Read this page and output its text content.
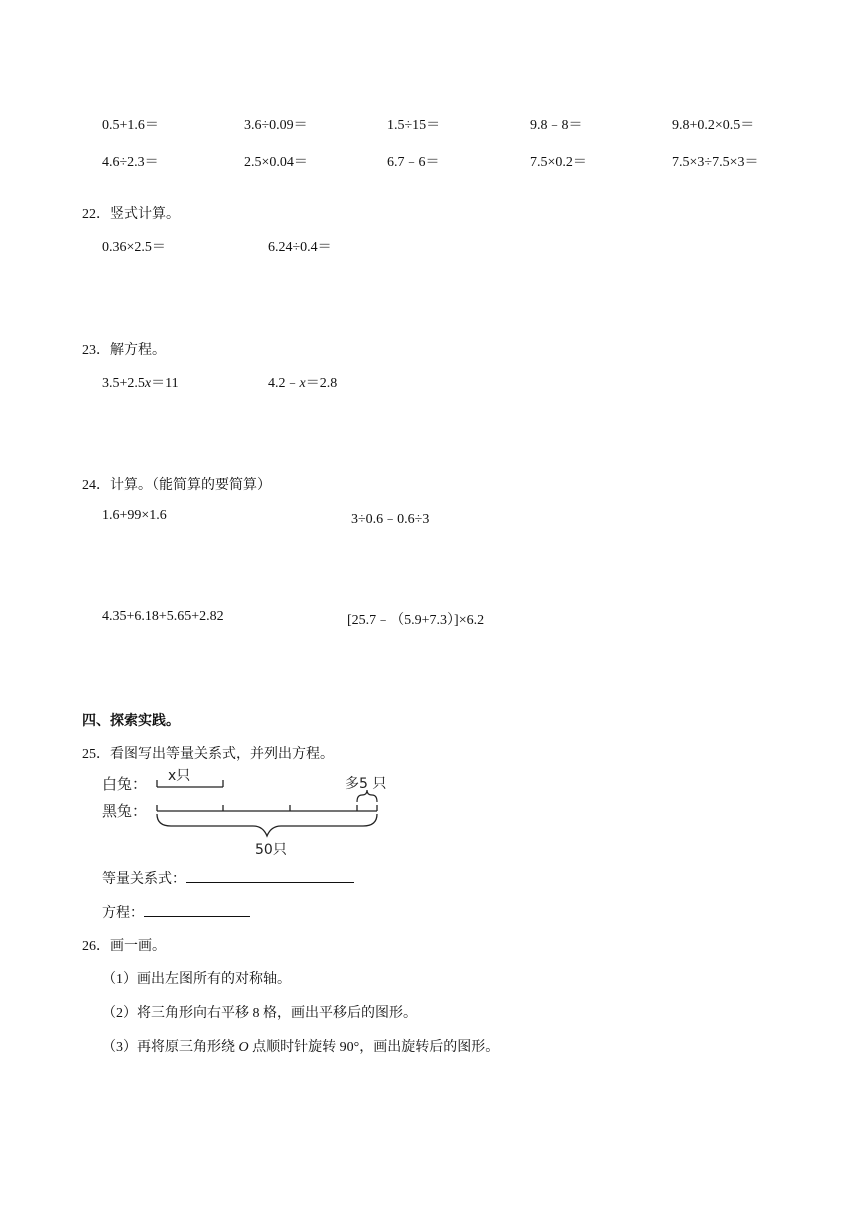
0.5+1.6＝	3.6÷0.09＝	1.5÷15＝	9.8﹣8＝	9.8+0.2×0.5＝
4.6÷2.3＝	2.5×0.04＝	6.7﹣6＝	7.5×0.2＝	7.5×3÷7.5×3＝
22．竖式计算。
0.36×2.5＝	6.24÷0.4＝
23．解方程。
3.5+2.5x＝11	4.2﹣x＝2.8
24．计算。（能简算的要简算）
1.6+99×1.6	3÷0.6﹣0.6÷3
4.35+6.18+5.65+2.82	[25.7﹣（5.9+7.3）]×6.2
四、探索实践。
25．看图写出等量关系式，并列出方程。
白兔：
黑兔：
x只	多5 只
50只
等量关系式：
方程：
26．画一画。
（1）画出左图所有的对称轴。
（2）将三角形向右平移 8 格，画出平移后的图形。
（3）再将原三角形绕 O 点顺时针旋转 90°，画出旋转后的图形。
